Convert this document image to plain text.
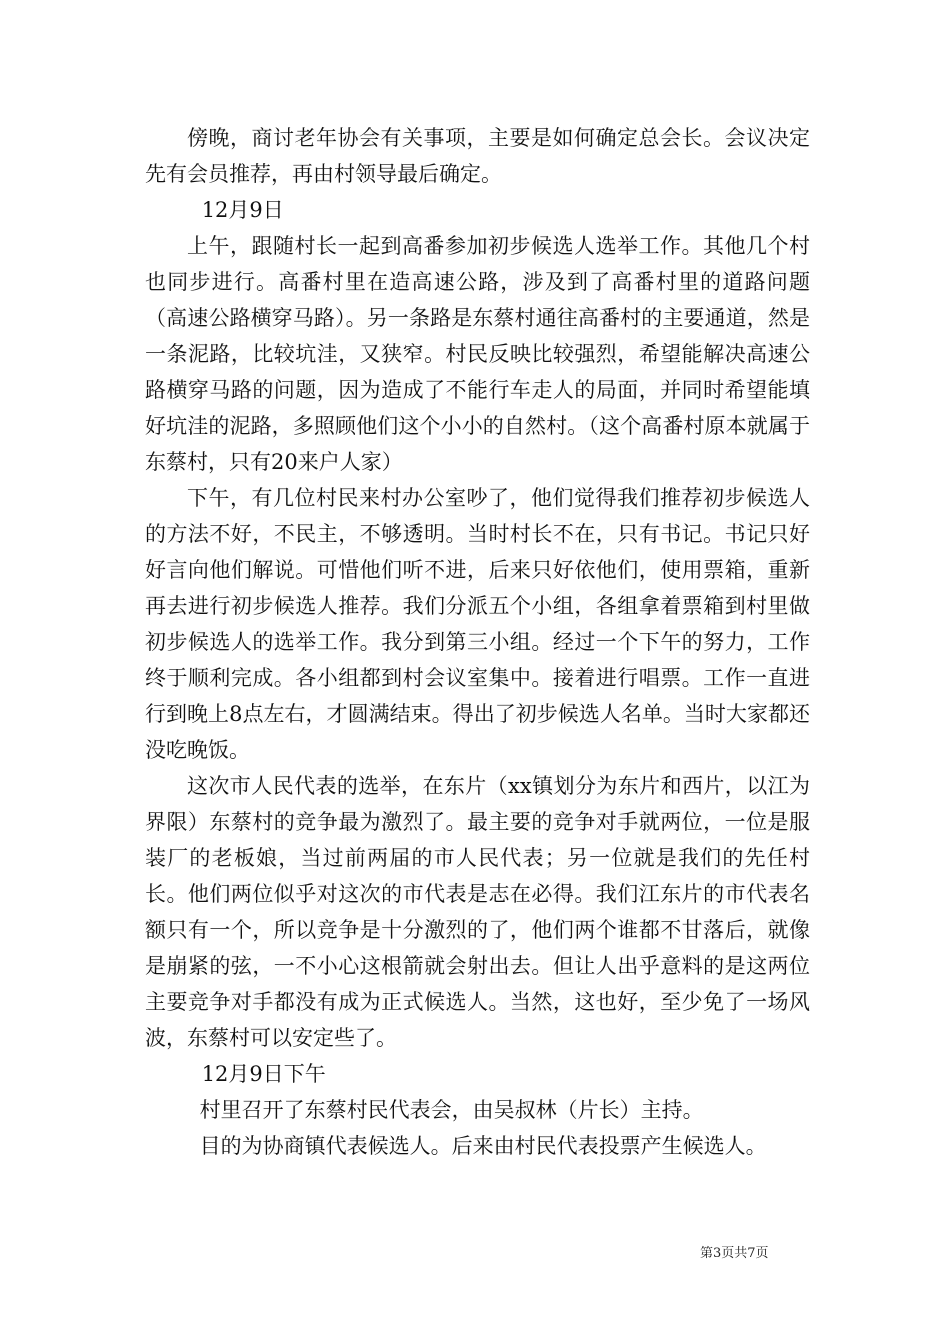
傍晚，商讨老年协会有关事项，主要是如何确定总会长。会议决定先有会员推荐，再由村领导最后确定。

12月9日

上午，跟随村长一起到高番参加初步候选人选举工作。其他几个村也同步进行。高番村里在造高速公路，涉及到了高番村里的道路问题（高速公路横穿马路）。另一条路是东蔡村通往高番村的主要通道，然是一条泥路，比较坑洼，又狭窄。村民反映比较强烈，希望能解决高速公路横穿马路的问题，因为造成了不能行车走人的局面，并同时希望能填好坑洼的泥路，多照顾他们这个小小的自然村。（这个高番村原本就属于东蔡村，只有20来户人家）

下午，有几位村民来村办公室吵了，他们觉得我们推荐初步候选人的方法不好，不民主，不够透明。当时村长不在，只有书记。书记只好好言向他们解说。可惜他们听不进，后来只好依他们，使用票箱，重新再去进行初步候选人推荐。我们分派五个小组，各组拿着票箱到村里做初步候选人的选举工作。我分到第三小组。经过一个下午的努力，工作终于顺利完成。各小组都到村会议室集中。接着进行唱票。工作一直进行到晚上8点左右，才圆满结束。得出了初步候选人名单。当时大家都还没吃晚饭。

这次市人民代表的选举，在东片（xx镇划分为东片和西片，以江为界限）东蔡村的竞争最为激烈了。最主要的竞争对手就两位，一位是服装厂的老板娘，当过前两届的市人民代表；另一位就是我们的先任村长。他们两位似乎对这次的市代表是志在必得。我们江东片的市代表名额只有一个，所以竞争是十分激烈的了，他们两个谁都不甘落后，就像是崩紧的弦，一不小心这根箭就会射出去。但让人出乎意料的是这两位主要竞争对手都没有成为正式候选人。当然，这也好，至少免了一场风波，东蔡村可以安定些了。

12月9日下午

村里召开了东蔡村民代表会，由吴叔林（片长）主持。

目的为协商镇代表候选人。后来由村民代表投票产生候选人。

第3页共7页
